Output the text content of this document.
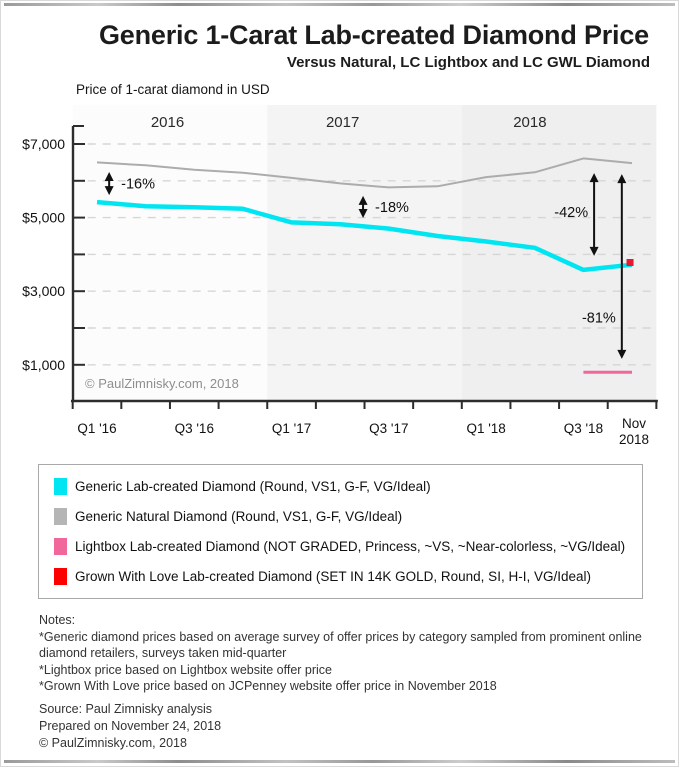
Generic 1-Carat Lab-created Diamond Price
Versus Natural, LC Lightbox and LC GWL Diamond
Price of 1-carat diamond in USD
2016	2017	2018
$7,000
$5,000
$3,000
$1,000
Q1 '16	Q3 '16	Q1 '17	Q3 '17	Q1 '18	Q3 '18 Nov 2018
© PaulZimnisky.com, 2018
-16%
-18%	-42%
-81%
Generic Lab-created Diamond (Round, VS1, G-F, VG/Ideal)
Generic Natural Diamond (Round, VS1, G-F, VG/Ideal)
Lightbox Lab-created Diamond (NOT GRADED, Princess, ~VS, ~Near-colorless, ~VG/Ideal)
Grown With Love Lab-created Diamond (SET IN 14K GOLD, Round, SI, H-I, VG/Ideal)
Notes:
*Generic diamond prices based on average survey of offer prices by category sampled from prominent online diamond retailers, surveys taken mid-quarter
*Lightbox price based on Lightbox website offer price
*Grown With Love price based on JCPenney website offer price in November 2018
Source: Paul Zimnisky analysis
Prepared on November 24, 2018
© PaulZimnisky.com, 2018
